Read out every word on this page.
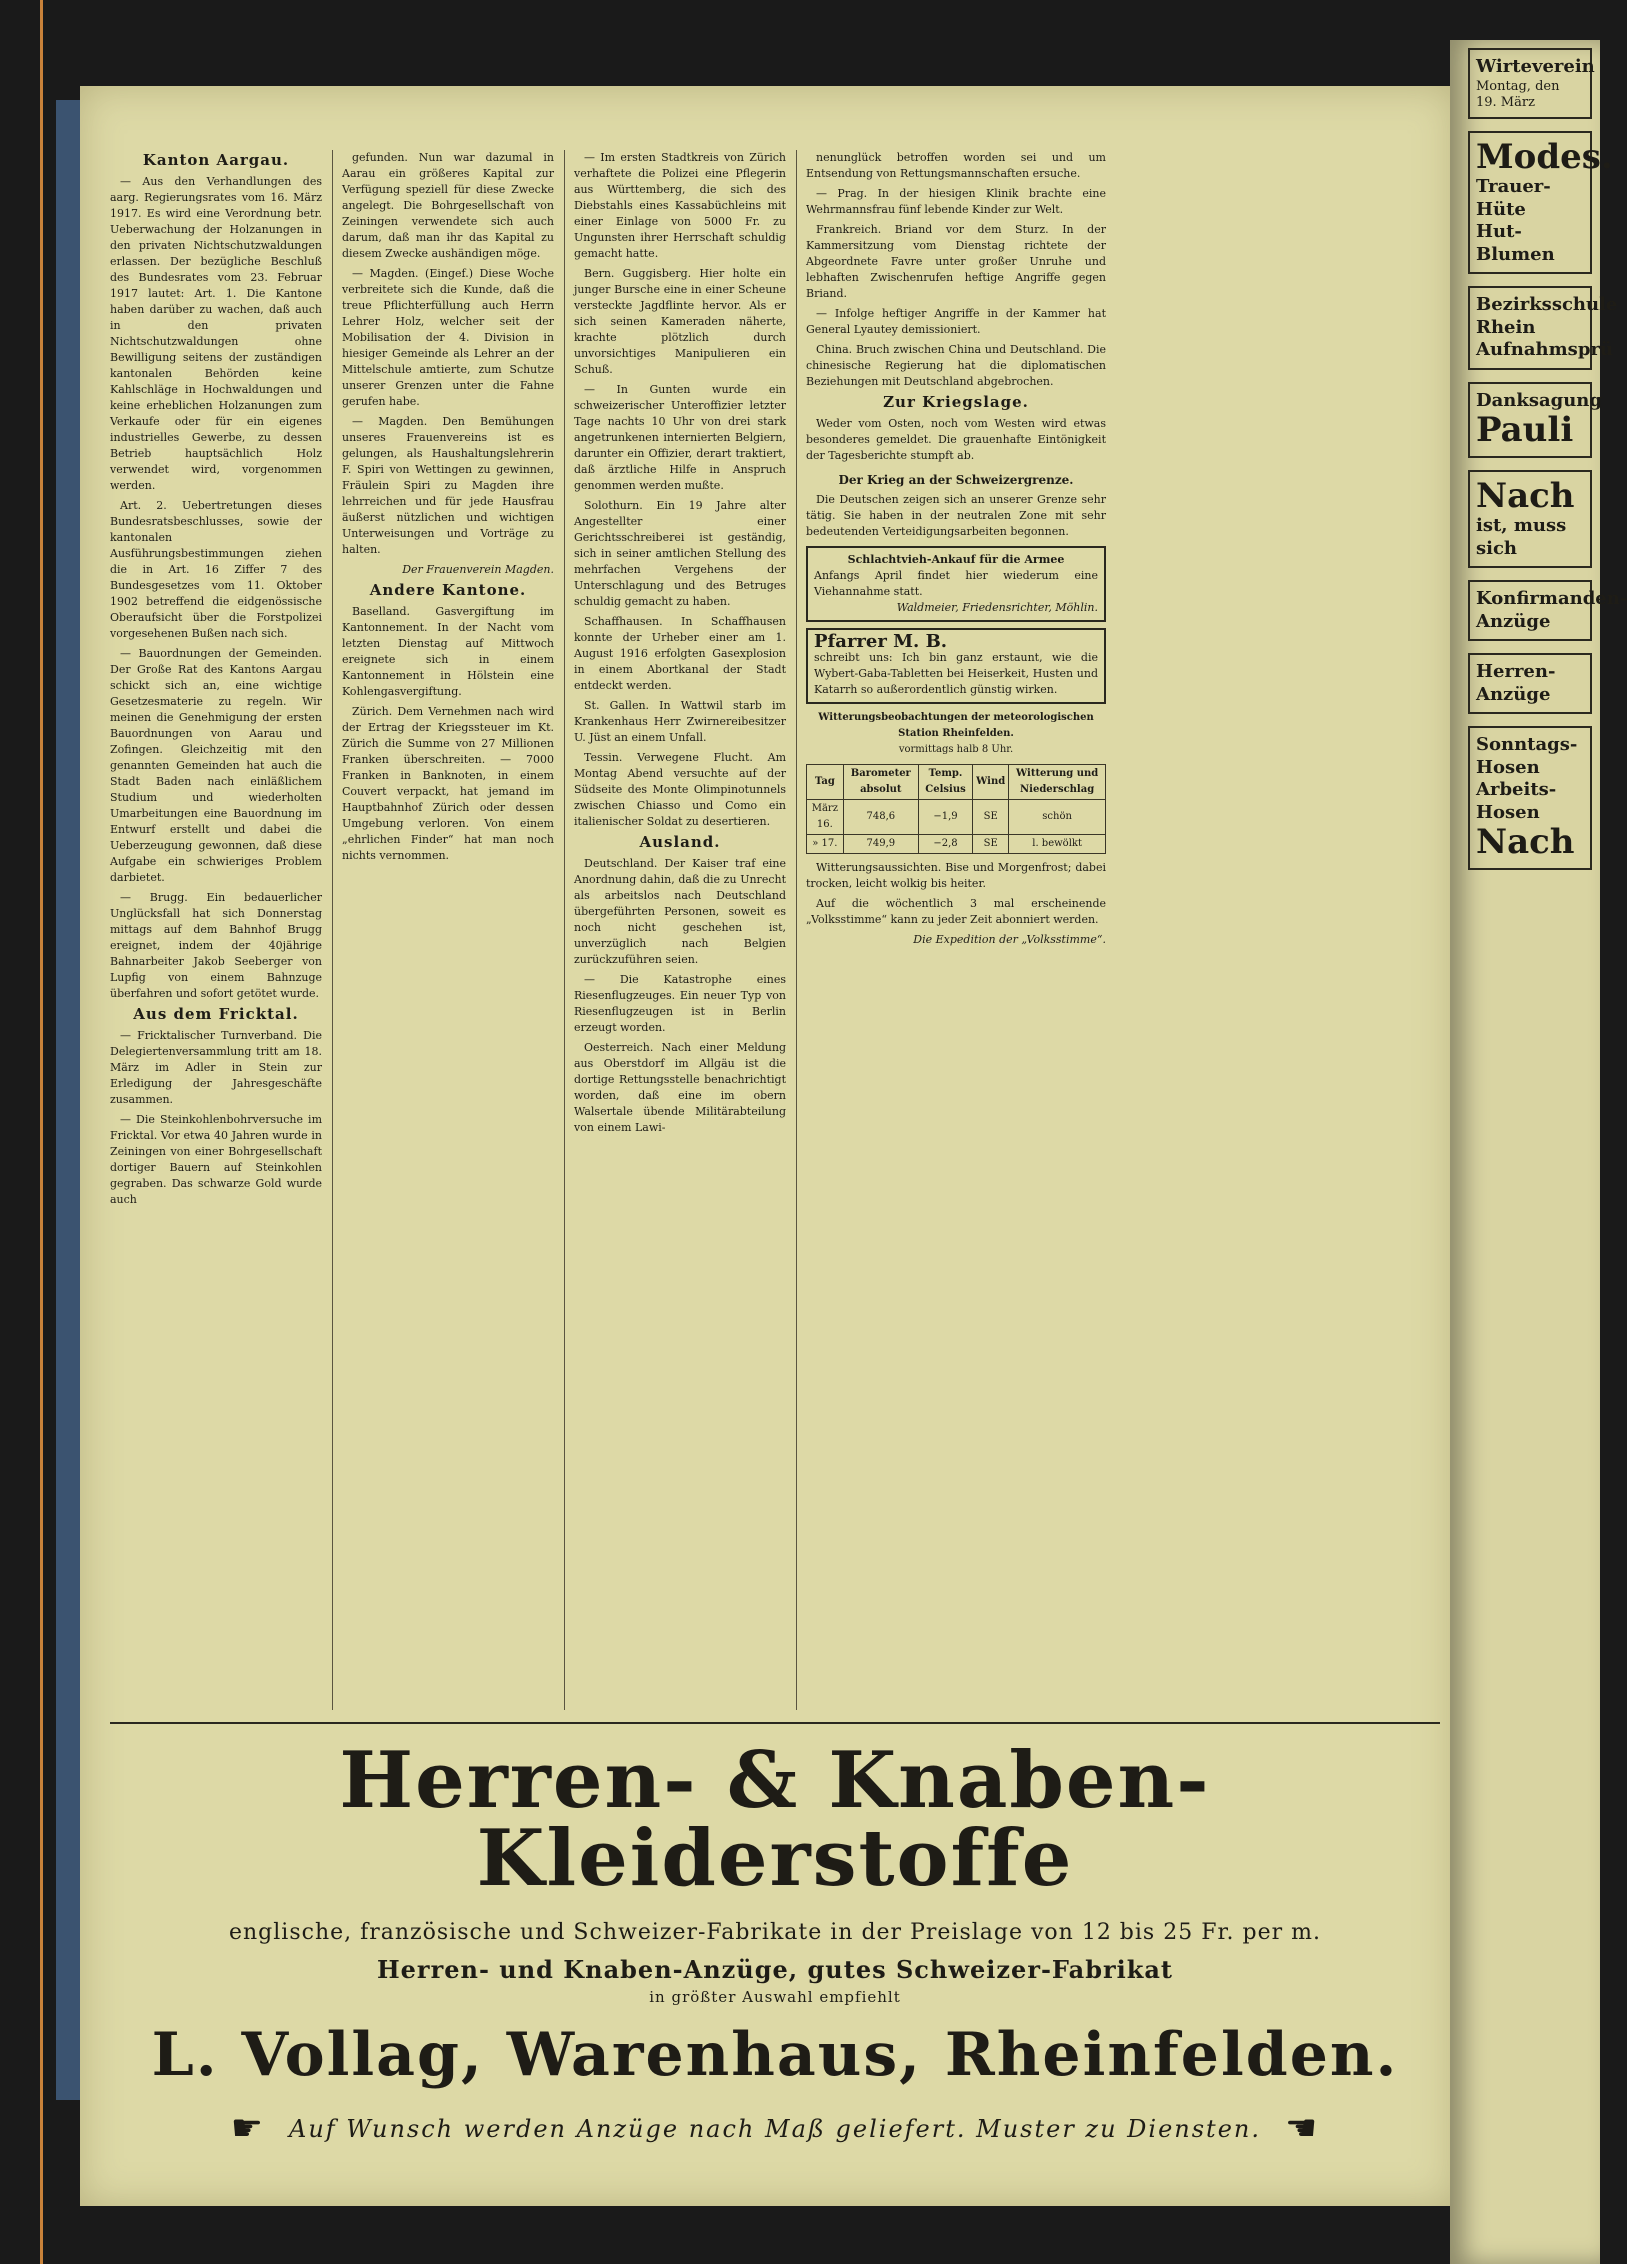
Kanton Aargau.

— Aus den Verhandlungen des aarg. Regierungsrates vom 16. März 1917. Es wird eine Verordnung betr. Ueberwachung der Holzanungen in den privaten Nichtschutzwaldungen erlassen. Der bezügliche Beschluß des Bundesrates vom 23. Februar 1917 lautet: Art. 1. Die Kantone haben darüber zu wachen, daß auch in den privaten Nichtschutzwaldungen ohne Bewilligung seitens der zuständigen kantonalen Behörden keine Kahlschläge in Hochwaldungen und keine erheblichen Holzanungen zum Verkaufe oder für ein eigenes industrielles Gewerbe, zu dessen Betrieb hauptsächlich Holz verwendet wird, vorgenommen werden.

Art. 2. Uebertretungen dieses Bundesratsbeschlusses, sowie der kantonalen Ausführungsbestimmungen ziehen die in Art. 16 Ziffer 7 des Bundesgesetzes vom 11. Oktober 1902 betreffend die eidgenössische Oberaufsicht über die Forstpolizei vorgesehenen Bußen nach sich.

— Bauordnungen der Gemeinden. Der Große Rat des Kantons Aargau schickt sich an, eine wichtige Gesetzesmaterie zu regeln. Wir meinen die Genehmigung der ersten Bauordnungen von Aarau und Zofingen. Gleichzeitig mit den genannten Gemeinden hat auch die Stadt Baden nach einläßlichem Studium und wiederholten Umarbeitungen eine Bauordnung im Entwurf erstellt und dabei die Ueberzeugung gewonnen, daß diese Aufgabe ein schwieriges Problem darbietet.

— Brugg. Ein bedauerlicher Unglücksfall hat sich Donnerstag mittags auf dem Bahnhof Brugg ereignet, indem der 40jährige Bahnarbeiter Jakob Seeberger von Lupfig von einem Bahnzuge überfahren und sofort getötet wurde.

Aus dem Fricktal.

— Fricktalischer Turnverband. Die Delegiertenversammlung tritt am 18. März im Adler in Stein zur Erledigung der Jahresgeschäfte zusammen.

— Die Steinkohlenbohrversuche im Fricktal. Vor etwa 40 Jahren wurde in Zeiningen von einer Bohrgesellschaft dortiger Bauern auf Steinkohlen gegraben. Das schwarze Gold wurde auch

gefunden. Nun war dazumal in Aarau ein größeres Kapital zur Verfügung speziell für diese Zwecke angelegt. Die Bohrgesellschaft von Zeiningen verwendete sich auch darum, daß man ihr das Kapital zu diesem Zwecke aushändigen möge.

— Magden. (Eingef.) Diese Woche verbreitete sich die Kunde, daß die treue Pflichterfüllung auch Herrn Lehrer Holz, welcher seit der Mobilisation der 4. Division in hiesiger Gemeinde als Lehrer an der Mittelschule amtierte, zum Schutze unserer Grenzen unter die Fahne gerufen habe.

— Magden. Den Bemühungen unseres Frauenvereins ist es gelungen, als Haushaltungslehrerin F. Spiri von Wettingen zu gewinnen, Fräulein Spiri zu Magden ihre lehrreichen und für jede Hausfrau äußerst nützlichen und wichtigen Unterweisungen und Vorträge zu halten.

Der Frauenverein Magden.

Andere Kantone.

Baselland. Gasvergiftung im Kantonnement. In der Nacht vom letzten Dienstag auf Mittwoch ereignete sich in einem Kantonnement in Hölstein eine Kohlengasvergiftung.

Zürich. Dem Vernehmen nach wird der Ertrag der Kriegssteuer im Kt. Zürich die Summe von 27 Millionen Franken überschreiten. — 7000 Franken in Banknoten, in einem Couvert verpackt, hat jemand im Hauptbahnhof Zürich oder dessen Umgebung verloren. Von einem „ehrlichen Finder“ hat man noch nichts vernommen.

— Im ersten Stadtkreis von Zürich verhaftete die Polizei eine Pflegerin aus Württemberg, die sich des Diebstahls eines Kassabüchleins mit einer Einlage von 5000 Fr. zu Ungunsten ihrer Herrschaft schuldig gemacht hatte.

Bern. Guggisberg. Hier holte ein junger Bursche eine in einer Scheune versteckte Jagdflinte hervor. Als er sich seinen Kameraden näherte, krachte plötzlich durch unvorsichtiges Manipulieren ein Schuß.

— In Gunten wurde ein schweizerischer Unteroffizier letzter Tage nachts 10 Uhr von drei stark angetrunkenen internierten Belgiern, darunter ein Offizier, derart traktiert, daß ärztliche Hilfe in Anspruch genommen werden mußte.

Solothurn. Ein 19 Jahre alter Angestellter einer Gerichtsschreiberei ist geständig, sich in seiner amtlichen Stellung des mehrfachen Vergehens der Unterschlagung und des Betruges schuldig gemacht zu haben.

Schaffhausen. In Schaffhausen konnte der Urheber einer am 1. August 1916 erfolgten Gasexplosion in einem Abortkanal der Stadt entdeckt werden.

St. Gallen. In Wattwil starb im Krankenhaus Herr Zwirnereibesitzer U. Jüst an einem Unfall.

Tessin. Verwegene Flucht. Am Montag Abend versuchte auf der Südseite des Monte Olimpinotunnels zwischen Chiasso und Como ein italienischer Soldat zu desertieren.

Ausland.

Deutschland. Der Kaiser traf eine Anordnung dahin, daß die zu Unrecht als arbeitslos nach Deutschland übergeführten Personen, soweit es noch nicht geschehen ist, unverzüglich nach Belgien zurückzuführen seien.

— Die Katastrophe eines Riesenflugzeuges. Ein neuer Typ von Riesenflugzeugen ist in Berlin erzeugt worden.

Oesterreich. Nach einer Meldung aus Oberstdorf im Allgäu ist die dortige Rettungsstelle benachrichtigt worden, daß eine im obern Walsertale übende Militärabteilung von einem Lawi-

nenunglück betroffen worden sei und um Entsendung von Rettungsmannschaften ersuche.

— Prag. In der hiesigen Klinik brachte eine Wehrmannsfrau fünf lebende Kinder zur Welt.

Frankreich. Briand vor dem Sturz. In der Kammersitzung vom Dienstag richtete der Abgeordnete Favre unter großer Unruhe und lebhaften Zwischenrufen heftige Angriffe gegen Briand.

— Infolge heftiger Angriffe in der Kammer hat General Lyautey demissioniert.

China. Bruch zwischen China und Deutschland. Die chinesische Regierung hat die diplomatischen Beziehungen mit Deutschland abgebrochen.

Zur Kriegslage.

Weder vom Osten, noch vom Westen wird etwas besonderes gemeldet. Die grauenhafte Eintönigkeit der Tagesberichte stumpft ab.

Der Krieg an der Schweizergrenze.

Die Deutschen zeigen sich an unserer Grenze sehr tätig. Sie haben in der neutralen Zone mit sehr bedeutenden Verteidigungsarbeiten begonnen.

Schlachtvieh-Ankauf für die Armee
Anfangs April findet hier wiederum eine Viehannahme statt.
Waldmeier, Friedensrichter, Möhlin.
Pfarrer M. B.
schreibt uns: Ich bin ganz erstaunt, wie die Wybert-Gaba-Tabletten bei Heiserkeit, Husten und Katarrh so außerordentlich günstig wirken.
Witterungsbeobachtungen der meteorologischen Station Rheinfelden.
vormittags halb 8 Uhr.
Tag	Barometer absolut	Temp. Celsius	Wind	Witterung und Niederschlag
März 16.	748,6	−1,9	SE	schön
» 17.	749,9	−2,8	SE	l. bewölkt

Witterungsaussichten. Bise und Morgenfrost; dabei trocken, leicht wolkig bis heiter.

Auf die wöchentlich 3 mal erscheinende „Volksstimme“ kann zu jeder Zeit abonniert werden.

Die Expedition der „Volksstimme“.

Herren- & Knaben-Kleiderstoffe
englische, französische und Schweizer-Fabrikate in der Preislage von 12 bis 25 Fr. per m.
Herren- und Knaben-Anzüge, gutes Schweizer-Fabrikat
in größter Auswahl empfiehlt
L. Vollag, Warenhaus, Rheinfelden.
☛ Auf Wunsch werden Anzüge nach Maß geliefert. Muster zu Diensten. ☚
Wirteverein
Montag, den 19. März
Modes.
Trauer-Hüte
Hut-Blumen
Bezirksschule Rhein
Aufnahmsprü
Danksagung
Pauli
Nach
ist, muss sich
Konfirmanden-Anzüge
Herren-Anzüge
Sonntags-Hosen
Arbeits-Hosen
Nach
